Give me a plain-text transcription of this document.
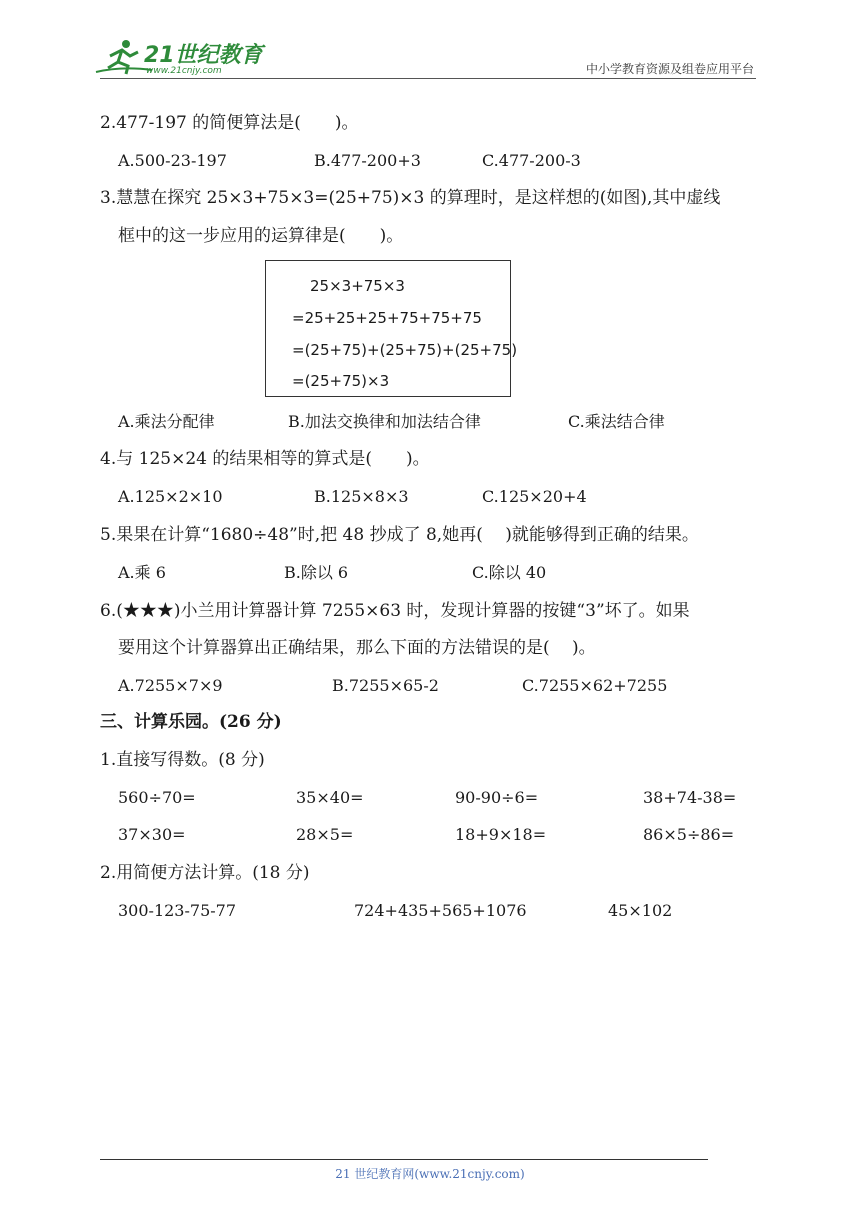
21世纪教育
www.21cnjy.com	中小学教育资源及组卷应用平台
2.477-197 的简便算法是(　　)。
A.500-23-197	B.477-200+3	C.477-200-3
3.慧慧在探究 25×3+75×3=(25+75)×3 的算理时，是这样想的(如图),其中虚线
框中的这一步应用的运算律是(　　)。
25×3+75×3
=25+25+25+75+75+75
=(25+75)+(25+75)+(25+75)
=(25+75)×3
A.乘法分配律	B.加法交换律和加法结合律	C.乘法结合律
4.与 125×24 的结果相等的算式是(　　)。
A.125×2×10	B.125×8×3	C.125×20+4
5.果果在计算“1680÷48”时,把 48 抄成了 8,她再(　 )就能够得到正确的结果。
A.乘 6	B.除以 6	C.除以 40
6.(★★★)小兰用计算器计算 7255×63 时，发现计算器的按键“3”坏了。如果
要用这个计算器算出正确结果，那么下面的方法错误的是(　 )。
A.7255×7×9	B.7255×65-2	C.7255×62+7255
三、计算乐园。(26 分)
1.直接写得数。(8 分)
560÷70=	35×40=	90-90÷6=	38+74-38=
37×30=	28×5=	18+9×18=	86×5÷86=
2.用简便方法计算。(18 分)
300-123-75-77	724+435+565+1076	45×102
21 世纪教育网(www.21cnjy.com)
